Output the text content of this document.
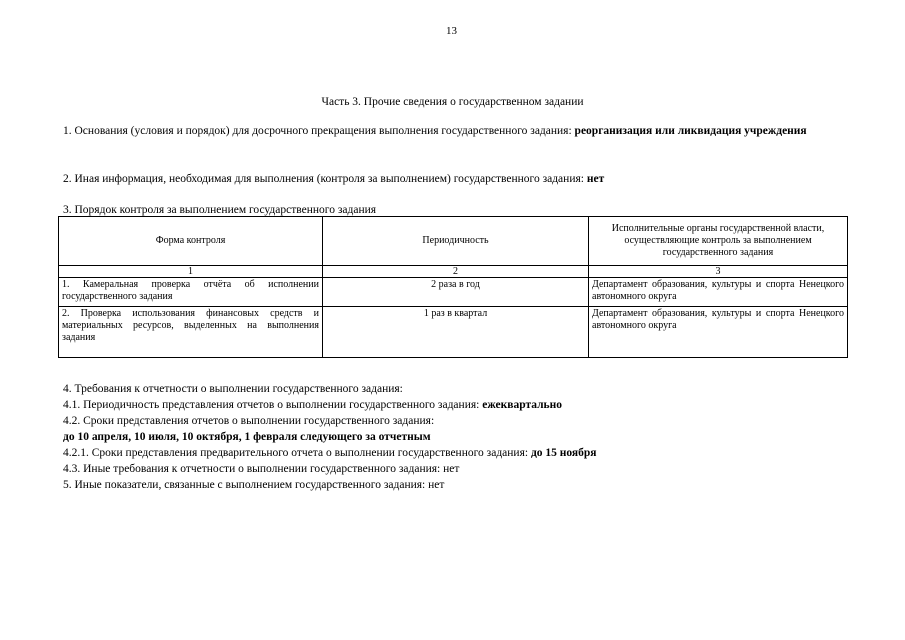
13
Часть 3. Прочие сведения о государственном задании
1. Основания (условия и порядок) для досрочного прекращения выполнения государственного задания: реорганизация или ликвидация учреждения
2. Иная информация, необходимая для выполнения (контроля за выполнением) государственного задания: нет
3. Порядок контроля за выполнением государственного задания
Форма контроля	Периодичность	Исполнительные органы государственной власти, осуществляющие контроль за выполнением государственного задания
1	2	3
1. Камеральная проверка отчёта об исполнении государственного задания	2 раза в год	Департамент образования, культуры и спорта Ненецкого автономного округа
2. Проверка использования финансовых средств и материальных ресурсов, выделенных на выполнения задания	1 раз в квартал	Департамент образования, культуры и спорта Ненецкого автономного округа
4. Требования к отчетности о выполнении государственного задания:
4.1. Периодичность представления отчетов о выполнении государственного задания: ежеквартально
4.2. Сроки представления отчетов о выполнении государственного задания:
до 10 апреля, 10 июля, 10 октября, 1 февраля следующего за отчетным
4.2.1. Сроки представления предварительного отчета о выполнении государственного задания: до 15 ноября
4.3. Иные требования к отчетности о выполнении государственного задания: нет
5. Иные показатели, связанные с выполнением государственного задания: нет
